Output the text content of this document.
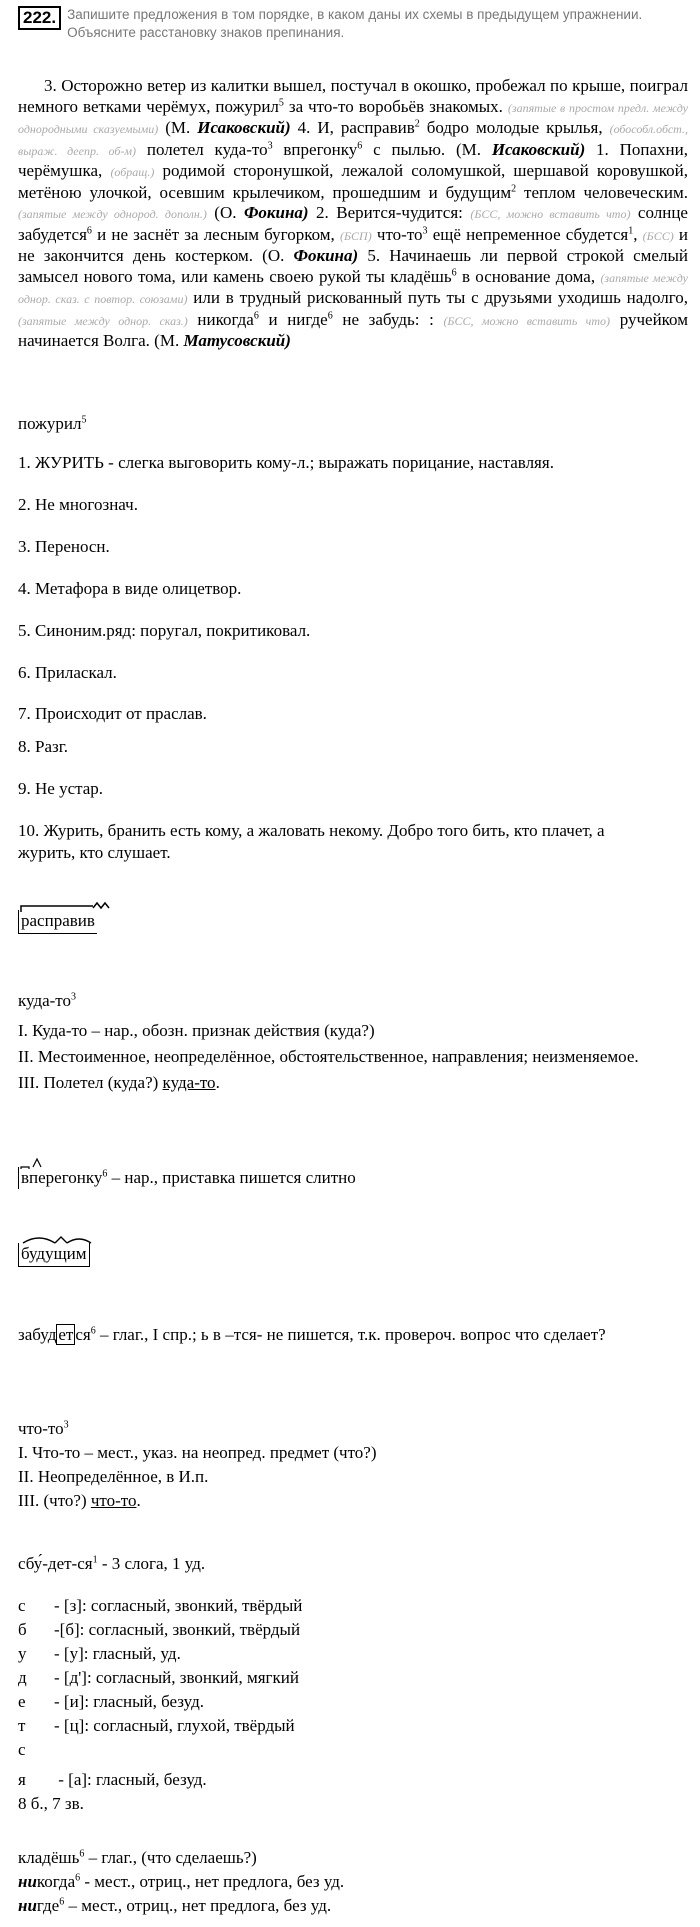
222. Запишите предложения в том порядке, в каком даны их схемы в предыдущем упражнении. Объясните расстановку знаков препинания.
3. Осторожно ветер из калитки вышел, постучал в окошко, пробежал по крыше, поиграл немного ветками черёмух, пожурил$^5$ за что-то воробьёв знакомых. (запятые в простом предл. между однородными сказуемыми) (М. Исаковский) 4. И, расправив$^2$ бодро молодые крылья, (обособл.обст., выраж. деепр. об-м) полетел куда-$то^3$ впрегонку$^6$ с пылью. (М. Исаковский) 1. Попахни, черёмушка, (обращ.) родимой сторонушкой, лежалой соломушкой, шершавой коровушкой, метёною улочкой, осевшим крылечиком, прошедшим и будущим$^2$ теплом человеческим. (запятые между однород. дополн.) (О. Фокина) 2. Верится-чудится: (БСС, можно вставить что) солнце забудется$^6$ и не заснёт за лесным бугорком, (БСП) что-$то^3$ ещё непременное сбудется$^1$, (БСС) и не закончится день костерком. (О. Фокина) 5. Начинаешь ли первой строкой смелый замысел нового тома, или камень своею рукой ты кладёшь$^6$ в основание дома, (запятые между однор. сказ. с повтор. союзами) или в трудный рискованный путь ты с друзьями уходишь надолго, (запятые между однор. сказ.) никогда$^6$ и нигде$^6$ не забудь: : (БСС, можно вставить что) ручейком начинается Волга. (М. Матусовский)
пожурил$^5$
1. ЖУРИТЬ - слегка выговорить кому-л.; выражать порицание, наставляя.
2. Не многознач.
3. Переносн.
4. Метафора в виде олицетвор.
5. Синоним.ряд: поругал, покритиковал.
6. Приласкал.
7. Происходит от праслав.
8. Разг.
9. Не устар.
10. Журить, бранить есть кому, а жаловать некому. Добро того бить, кто плачет, а журить, кто слушает.
расправив
куда-$то^3$
I. Куда-то – нар., обозн. признак действия (куда?)
II. Местоименное, неопределённое, обстоятельственное, направления; неизменяемое.
III. Полетел (куда?) куда-то.
вперегонку$^6$ – нар., приставка пишется слитно
будущим
забуд ет $ся^6$ – глаг., I спр.; ь в –тся- не пишется, т.к. провероч. вопрос что сделает?
что-$то^3$
I. Что-то – мест., указ. на неопред. предмет (что?)
II. Неопределённое, в И.п.
III. (что?) что-то.
$сбу́-дет-ся^1 - 3$ слога, 1 уд.
с - [з]: согласный, звонкий, твёрдый
б -[б]: согласный, звонкий, твёрдый
у - [у]: гласный, уд.
д - [д']: согласный, звонкий, мягкий
е - [и]: гласный, безуд.
т - [ц]: согласный, глухой, твёрдый
с
я - [а]: гласный, безуд.
8 б., 7 зв.
кладёшь$^6$ – глаг., (что сделаешь?)
никогда$^6$ - мест., отриц., нет предлога, без уд.
нигде$^6$ – мест., отриц., нет предлога, без уд.
